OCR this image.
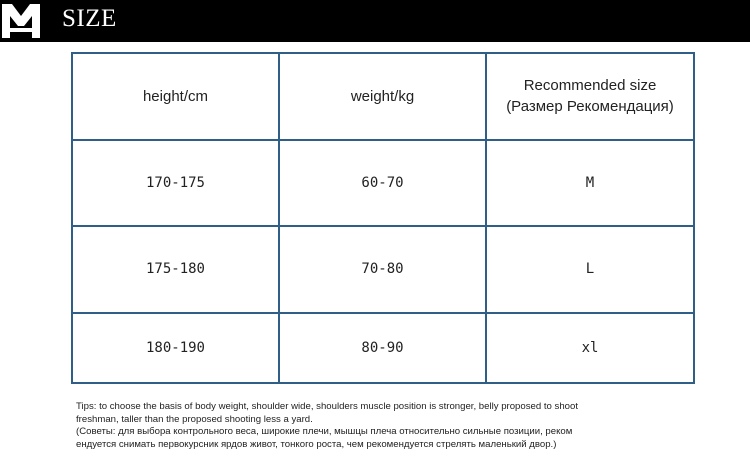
SIZE
height/cm	weight/kg	Recommended size
(Размер Рекомендация)

170-175	60-70	M
175-180	70-80	L
180-190	80-90	xl
Tips: to choose the basis of body weight, shoulder wide, shoulders muscle position is stronger, belly proposed to shoot
freshman, taller than the proposed shooting less a yard.
(Советы: для выбора контрольного веса, широкие плечи, мышцы плеча относительно сильные позиции, реком
ендуется снимать первокурсник ярдов живот, тонкого роста, чем рекомендуется стрелять маленький двор.)
